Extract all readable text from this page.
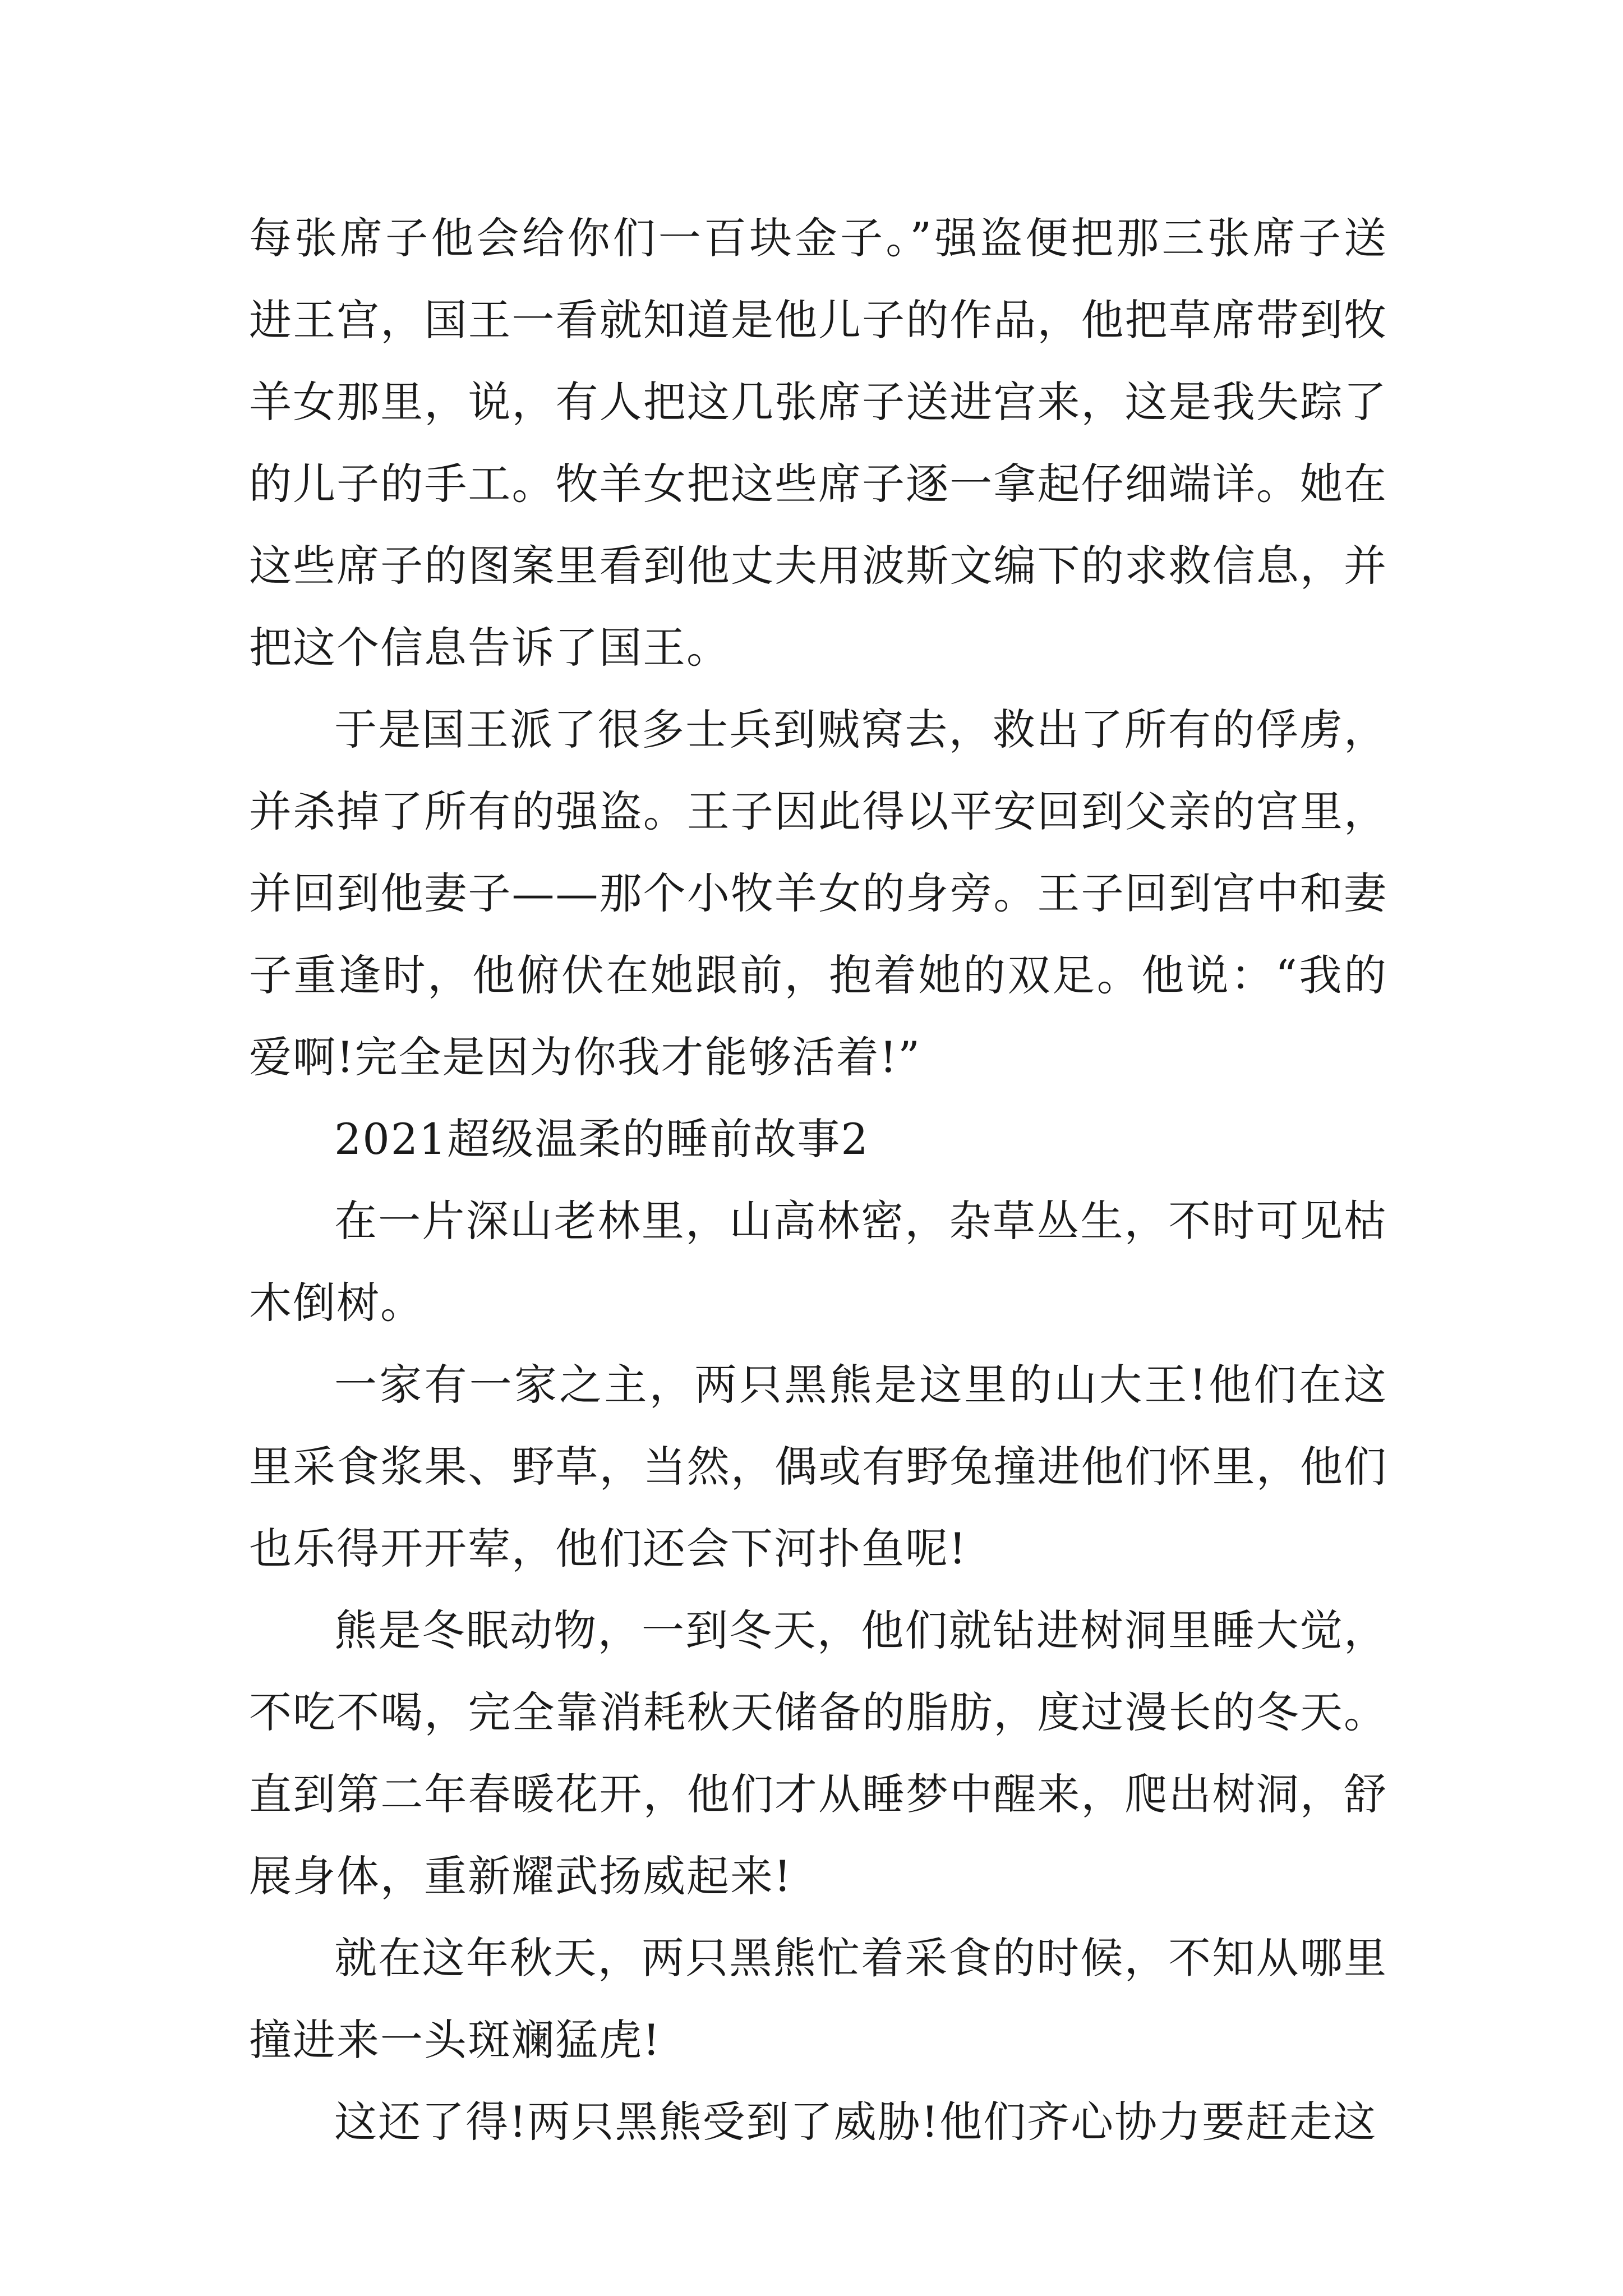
每张席子他会给你们一百块金子。”强盗便把那三张席子送进王宫，国王一看就知道是他儿子的作品，他把草席带到牧羊女那里，说，有人把这几张席子送进宫来，这是我失踪了的儿子的手工。牧羊女把这些席子逐一拿起仔细端详。她在这些席子的图案里看到他丈夫用波斯文编下的求救信息，并把这个信息告诉了国王。

于是国王派了很多士兵到贼窝去，救出了所有的俘虏，并杀掉了所有的强盗。王子因此得以平安回到父亲的宫里，并回到他妻子——那个小牧羊女的身旁。王子回到宫中和妻子重逢时，他俯伏在她跟前，抱着她的双足。他说：“我的爱啊!完全是因为你我才能够活着!”

2021超级温柔的睡前故事2

在一片深山老林里，山高林密，杂草丛生，不时可见枯木倒树。

一家有一家之主，两只黑熊是这里的山大王!他们在这里采食浆果、野草，当然，偶或有野兔撞进他们怀里，他们也乐得开开荤，他们还会下河扑鱼呢!

熊是冬眠动物，一到冬天，他们就钻进树洞里睡大觉，不吃不喝，完全靠消耗秋天储备的脂肪，度过漫长的冬天。直到第二年春暖花开，他们才从睡梦中醒来，爬出树洞，舒展身体，重新耀武扬威起来!

就在这年秋天，两只黑熊忙着采食的时候，不知从哪里撞进来一头斑斓猛虎!

这还了得!两只黑熊受到了威胁!他们齐心协力要赶走这
